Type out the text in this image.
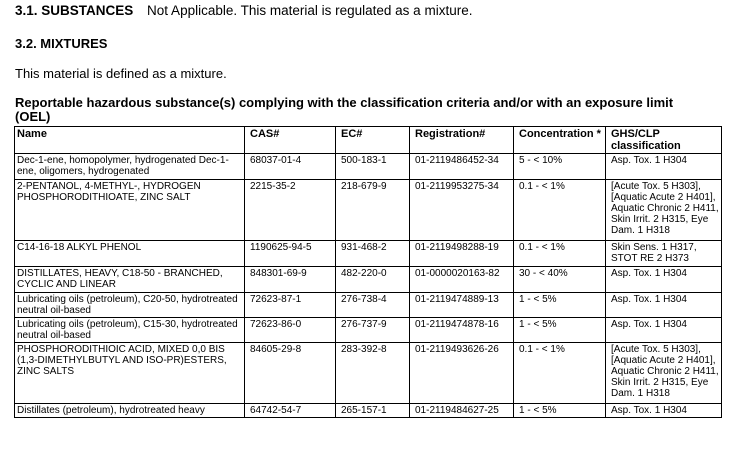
3.1. SUBSTANCES Not Applicable. This material is regulated as a mixture.
3.2. MIXTURES
This material is defined as a mixture.
Reportable hazardous substance(s) complying with the classification criteria and/or with an exposure limit (OEL)
Name	CAS#	EC#	Registration#	Concentration *	GHS/CLP classification
Dec-1-ene, homopolymer, hydrogenated Dec-1-ene, oligomers, hydrogenated	68037-01-4	500-183-1	01-2119486452-34	5 - < 10%	Asp. Tox. 1 H304
2-PENTANOL, 4-METHYL-, HYDROGEN PHOSPHORODITHIOATE, ZINC SALT	2215-35-2	218-679-9	01-2119953275-34	0.1 - < 1%	[Acute Tox. 5 H303], [Aquatic Acute 2 H401], Aquatic Chronic 2 H411, Skin Irrit. 2 H315, Eye Dam. 1 H318
C14-16-18 ALKYL PHENOL	1190625-94-5	931-468-2	01-2119498288-19	0.1 - < 1%	Skin Sens. 1 H317, STOT RE 2 H373
DISTILLATES, HEAVY, C18-50 - BRANCHED, CYCLIC AND LINEAR	848301-69-9	482-220-0	01-0000020163-82	30 - < 40%	Asp. Tox. 1 H304
Lubricating oils (petroleum), C20-50, hydrotreated neutral oil-based	72623-87-1	276-738-4	01-2119474889-13	1 - < 5%	Asp. Tox. 1 H304
Lubricating oils (petroleum), C15-30, hydrotreated neutral oil-based	72623-86-0	276-737-9	01-2119474878-16	1 - < 5%	Asp. Tox. 1 H304
PHOSPHORODITHIOIC ACID, MIXED 0,0 BIS (1,3-DIMETHYLBUTYL AND ISO-PR)ESTERS, ZINC SALTS	84605-29-8	283-392-8	01-2119493626-26	0.1 - < 1%	[Acute Tox. 5 H303], [Aquatic Acute 2 H401], Aquatic Chronic 2 H411, Skin Irrit. 2 H315, Eye Dam. 1 H318
Distillates (petroleum), hydrotreated heavy	64742-54-7	265-157-1	01-2119484627-25	1 - < 5%	Asp. Tox. 1 H304
